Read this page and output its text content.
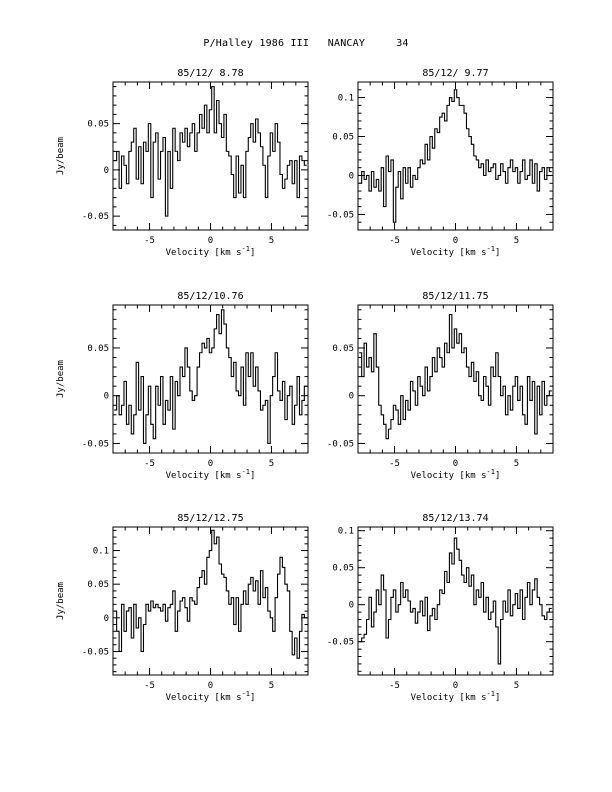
P/Halley 1986 III   NANCAY     34
85/12/ 8.78
-5	0	5
-0.05
0
0.05
Velocity [km $s^{-1}$]
Jy/beam
85/12/ 9.77
-5	0	5
-0.05
0
0.05
0.1
Velocity [km $s^{-1}$]
85/12/10.76
-5	0	5
-0.05
0
0.05
Velocity [km $s^{-1}$]
Jy/beam
85/12/11.75
-5	0	5
-0.05
0
0.05
Velocity [km $s^{-1}$]
85/12/12.75
-5	0	5
-0.05
0
0.05
0.1
Velocity [km $s^{-1}$]
Jy/beam
85/12/13.74
-5	0	5
-0.05
0
0.05
0.1
Velocity [km $s^{-1}$]
